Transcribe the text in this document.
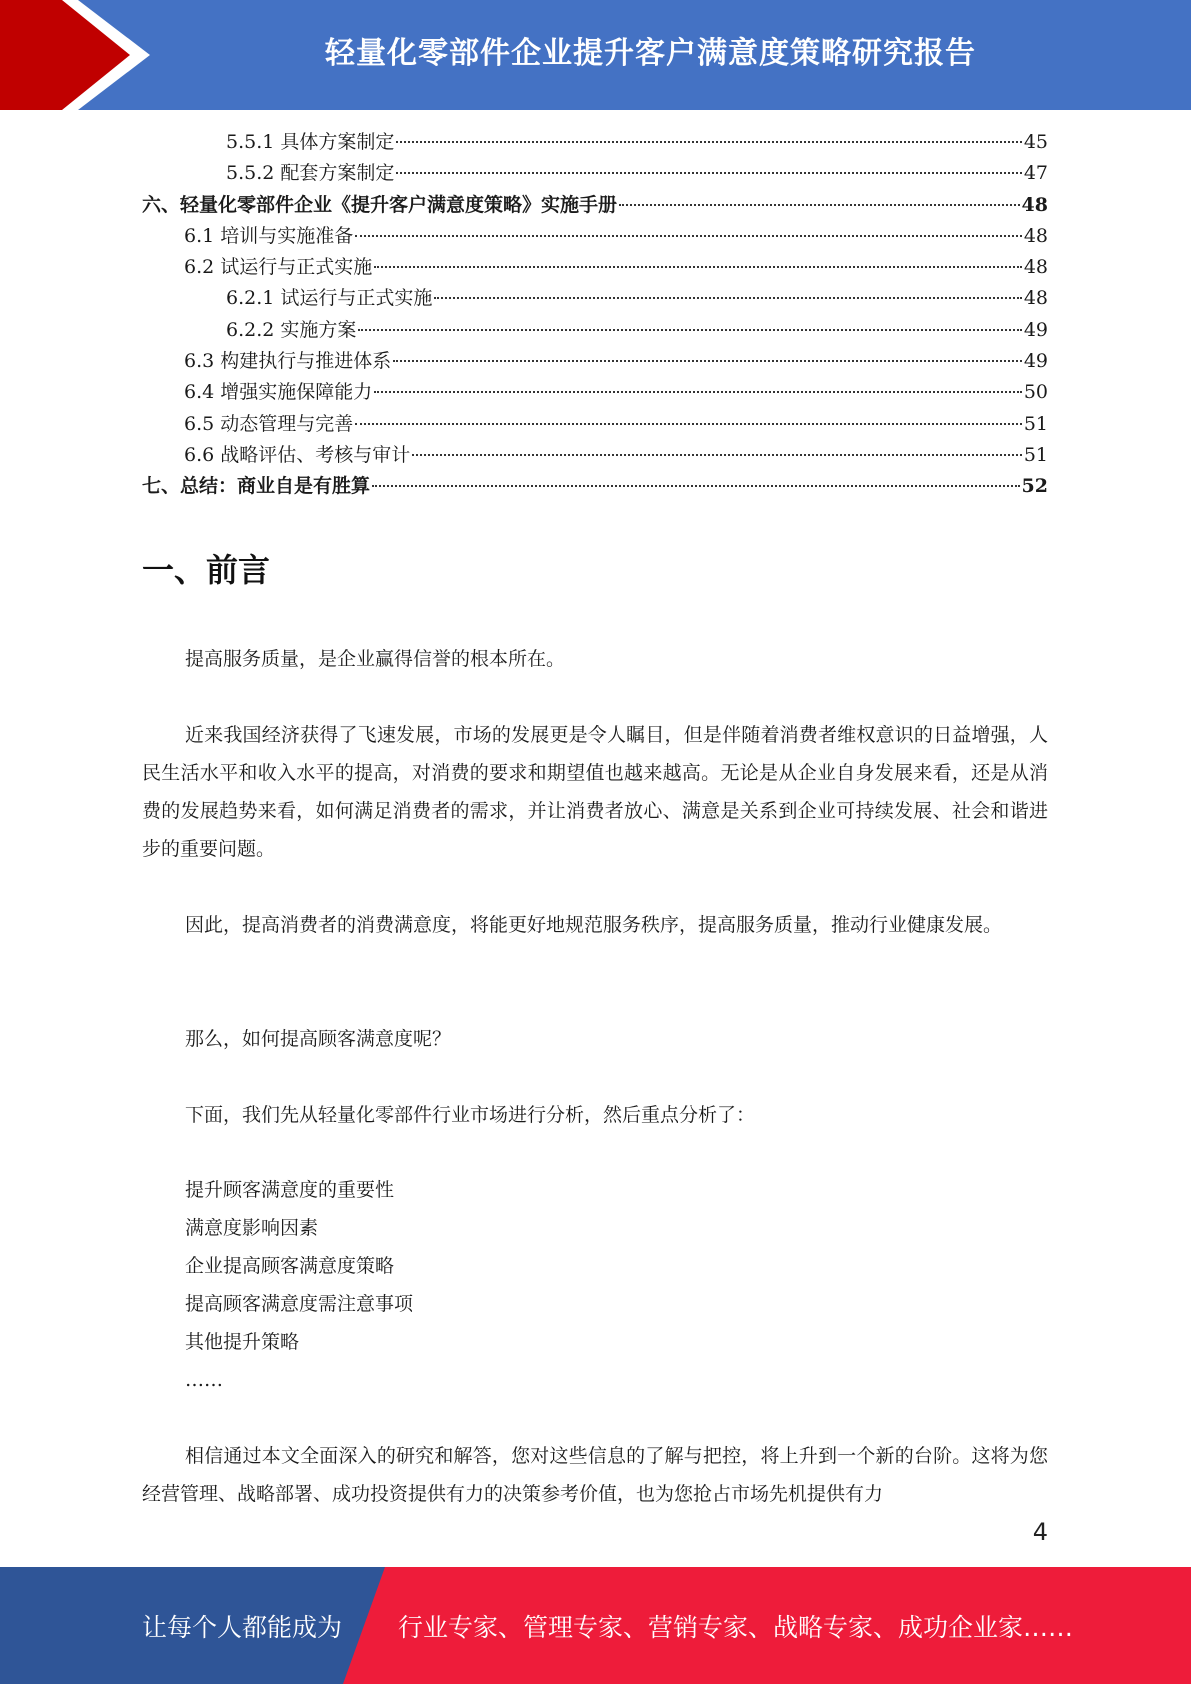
轻量化零部件企业提升客户满意度策略研究报告
5.5.1 具体方案制定	45
5.5.2 配套方案制定	47
六、轻量化零部件企业《提升客户满意度策略》实施手册	48
6.1 培训与实施准备	48
6.2 试运行与正式实施	48
6.2.1 试运行与正式实施	48
6.2.2 实施方案	49
6.3 构建执行与推进体系	49
6.4 增强实施保障能力	50
6.5 动态管理与完善	51
6.6 战略评估、考核与审计	51
七、总结：商业自是有胜算	52
一、前言

提高服务质量，是企业赢得信誉的根本所在。

近来我国经济获得了飞速发展，市场的发展更是令人瞩目，但是伴随着消费者维权意识的日益增强，人民生活水平和收入水平的提高，对消费的要求和期望值也越来越高。无论是从企业自身发展来看，还是从消费的发展趋势来看，如何满足消费者的需求，并让消费者放心、满意是关系到企业可持续发展、社会和谐进步的重要问题。

因此，提高消费者的消费满意度，将能更好地规范服务秩序，提高服务质量，推动行业健康发展。

那么，如何提高顾客满意度呢？

下面，我们先从轻量化零部件行业市场进行分析，然后重点分析了：

提升顾客满意度的重要性
满意度影响因素
企业提高顾客满意度策略
提高顾客满意度需注意事项
其他提升策略
……

相信通过本文全面深入的研究和解答，您对这些信息的了解与把控，将上升到一个新的台阶。这将为您经营管理、战略部署、成功投资提供有力的决策参考价值，也为您抢占市场先机提供有力

4
让每个人都能成为 行业专家、管理专家、营销专家、战略专家、成功企业家……
